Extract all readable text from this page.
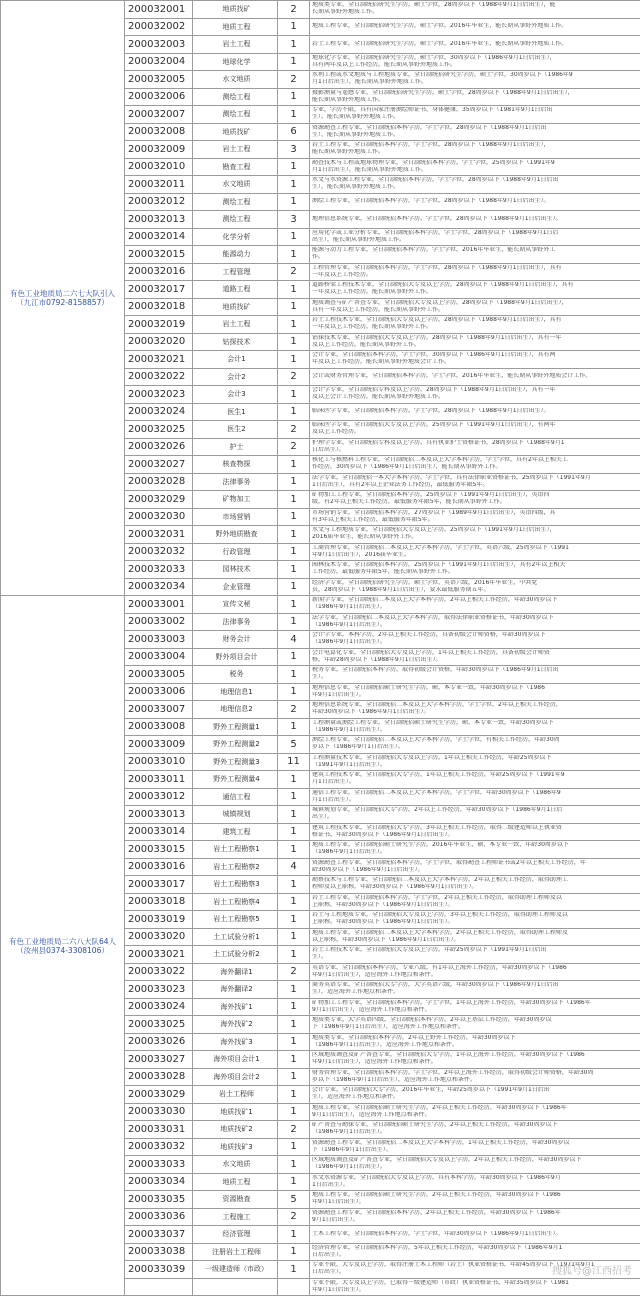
有色工业地质局二六七大队引入
（九江市0792-8158857）	200032001	地质找矿	2	地质类专业，全日制统招研究生学历，硕士学位，28周岁以下（1988年9月1日后出生），能
长期从事野外地质工作。

	200032002	地质工程	1	地质工程专业，全日制统招研究生学历，硕士学位，2016年毕业生，能长期从事野外地质工作。

	200032003	岩土工程	1	岩土工程专业，全日制统招研究生学历，硕士学位，2016年毕业生，能长期从事野外地质工作。

	200032004	地球化学	1	地球化学专业，全日制统招研究生学历，硕士学位，30周岁以下（1986年9月1日后出生），
具有两年及以上工作经历，能长期从事野外地质工作。

	200032005	水文地质	2	水利工程或水文地质与工程地质专业，全日制统招研究生学历，硕士学位，30周岁以下（1986年9
月1日后出生），能长期从事野外地质工作。

	200032006	测绘工程	1	摄影测量与遥感专业，全日制统招研究生学历，硕士学位，28周岁以下（1988年9月1日后出生），
能长期从事野外地质工作。

	200032007	测绘工程	1	专业，学历不限，具有国家注册测绘师证书，身体健康，35周岁以下（1981年9月1日后出
生），能长期从事野外地质工作。

	200032008	地质找矿	6	资源勘查工程专业，全日制统招本科学历，学士学位，28周岁以下（1988年9月1日后出
生），能长期从事野外地质工作。

	200032009	岩土工程	3	岩土工程专业，全日制统招本科学历，学士学位，28周岁以下（1988年9月1日后出生），
能长期从事野外地质工作。

	200032010	勘查工程	1	勘查技术与工程或地球物理专业，全日制统招本科学历，学士学位，25周岁以下（1991年9
月1日后出生），能长期从事野外地质工作。

	200032011	水文地质	1	水文与水资源工程专业，全日制统招本科学历，学士学位，28周岁以下（1988年9月1日后出
生），能长期从事野外地质工作。

	200032012	测绘工程	1	测绘工程专业，全日制统招本科学历，学士学位，28周岁以下（1988年9月1日后出生）。

	200032013	测绘工程	3	地理信息系统专业，全日制统招本科学历，学士学位，28周岁以下（1988年9月1日后出生）。

	200032014	化学分析	1	应用化学或工业分析专业，全日制统招本科学历，学士学位，28周岁以下（1988年9月1日后
出生），能长期从事野外地质工作。

	200032015	能源动力	1	能源与动力工程专业，全日制统招本科学历，学士学位，2016年毕业生，能长期从事野外工
作。

	200032016	工程管理	2	工程管理专业，全日制统招本科学历，学士学位，28周岁以下（1988年9月1日后出生），具有
一年及以上工作经历。

	200032017	道路工程	1	道路桥梁工程技术专业，全日制统招大专及以上学历，28周岁以下（1988年9月1日后出生），具有
一年及以上工作经历，能长期从事野外工作。

	200032018	地质找矿	1	地质调查与矿产普查专业，全日制统招大专及以上学历，28周岁以下（1988年9月1日后出生），
具有一年及以上工作经历，能长期从事野外工作。

	200032019	岩土工程	1	岩土工程技术专业，全日制统招大专及以上学历，28周岁以下（1988年9月1日后出生），具有
一年及以上工作经历，能长期从事野外工作。

	200032020	钻探技术	1	钻探技术专业，全日制统招大专及以上学历，28周岁以下（1988年9月1日后出生），具有一年
及以上工作经历，能长期从事野外工作。

	200032021	会计1	1	会计专业，全日制统招本科学历，学士学位，30周岁以下（1986年9月1日后出生），具有两
年及以上工作经历，能长期从事野外地质会计工作。

	200032022	会计2	2	会计或财务管理专业，全日制统招本科学历，学士学位，2016年毕业生，能长期从事野外地质会计工作。

	200032023	会计3	1	会计学专业，全日制统招专科及以上学历，28周岁以下（1988年9月1日后出生），具有一年
及以上会计工作经历，能长期从事野外地质工作。

	200032024	医生1	1	临床医学专业，全日制统招本科学历，学士学位，28周岁以下（1988年9月1日后出生）。

	200032025	医生2	2	临床医学专业，全日制统招大专及以上学历，25周岁以下（1991年9月1日后出生），有两年
及以上工作经历。

	200032026	护士	2	护理学专业，全日制统招专科及以上学历，具有执业护士资格证书，28周岁以下（1988年9月1
日后出生）。

	200032027	核查物探	1	核化工与核燃料工程专业，全日制统招二本及以上大学本科学历，学士学位，具有2年以上相关工
作经历，30周岁以下（1986年9月1日后出生），能长期从事野外工作。

	200032028	法律事务	1	法学专业，全日制统招一本大学本科学历，学士学位，具有法律职业资格证书，25周岁以下（1991年9月
1日后出生），具有2年以上企业法务工作经历，最低服务年限5年。

	200032029	矿物加工	1	矿物加工工程专业，全日制统招本科学历，25周岁以下（1991年9月1日后出生），英语四
级，有2年以上相关工作经历，最低服务年限5年，能长期从事野外工作。

	200032030	市场营销	1	市场营销专业，全日制统招本科学历，27周岁以下（1989年9月1日后出生），英语四级，具
有3年以上相关工作经历，最低服务年限5年。

	200032031	野外地质勘查	1	水文与工程地质专业，全日制统招大专及以上学历，25周岁以下（1991年9月1日后出生），
2016届毕业生，能长期从事野外工作。

	200032032	行政管理	1	工商管理专业，全日制统招二本及以上大学本科学历，学士学位，英语六级，25周岁以下（1991
年9月1日后出生），2016届毕业生。

	200032033	园林技术	1	园林技术专业，全日制统招本科学历，25周岁以下（1991年9月1日后出生），具有2年以上相关
工作经历，最低服务年限5年，能长期从事野外工作。

	200032034	企业管理	1	经济学专业，全日制统招研究生学历，硕士学位，英语六级，2016年毕业生，中共党
员，28周岁以下（1988年9月1日后出生），要求最低服务期五年。

有色工业地质局二六八大队64人
（汝州县0374-3308106）	200033001	宣传文秘	1	新闻学专业，全日制统招二本及以上大学本科学历，2年以上相关工作经历，年龄30周岁以下
（1986年9月1日后出生）。

	200033002	法律事务	1	法学专业，全日制统招二本及以上大学本科学历，取得法律职业资格证书，年龄30周岁以下
（1986年9月1日后出生）。

	200033003	财务会计	4	会计学专业，本科学历，2年以上相关工作经历，具备初级会计师资格，年龄30周岁以下
（1986年9月1日后出生）。

	200033004	野外项目会计	1	会计电算化专业，全日制统招大专及以上学历，1年以上相关工作经历，具备初级会计师资
格，年龄28周岁以下（1988年9月1日后出生）。

	200033005	税务	1	税务专业，全日制统招本科学历，取得初级会计资格，年龄30周岁以下（1986年9月1日后出
生）。

	200033006	地理信息1	1	地理信息专业，全日制统招硕士研究生学历，硕、本专业一致，年龄30周岁以下（1986
年9月1日后出生）。

	200033007	地理信息2	2	地理信息系统专业，全日制统招二本及以上大学本科学历，学士学位，2年以上相关工作经历，
年龄30周岁以下（1986年9月1日后出生）。

	200033008	野外工程测量1	1	工程测量或测绘工程专业，全日制统招硕士研究生学历，硕、本专业一致，年龄30周岁以下
（1986年9月1日后出生）。

	200033009	野外工程测量2	5	测绘工程专业，全日制统招二本及以上大学本科学历，学士学位，有相关工作经历，年龄30周
岁以下（1986年9月1日后出生）。

	200033010	野外工程测量3	11	工程测量技术专业，全日制统招大专及以上学历，1年以上相关工作经历，年龄25周岁以下
（1991年9月1日后出生）。

	200033011	野外工程测量4	1	建筑工程技术专业，全日制统招大专学历，1年以上相关工作经历，年龄25周岁以下（1991年9
月1日后出生）。

	200033012	通信工程	1	通信工程专业，全日制统招二本及以上大学本科学历，学士学位，年龄30周岁以下（1986年9
月1日后出生）。

	200033013	城镇规划	1	城镇规划专业，全日制统招大专学历，2年以上工作经历，年龄30周岁以下（1986年9月1日后
出生）。

	200033014	建筑工程	1	建筑工程技术专业，全日制统招大专学历，3年以上相关工作经历，取得二级建造师以上执业资
格证书，年龄30周岁以下（1986年9月1日后出生）。

	200033015	岩土工程勘察1	1	地质工程专业，全日制统招硕士研究生学历，2016年毕业生，硕、本专业一致，年龄30周岁以下
（1986年9月1日后出生）。

	200033016	岩土工程勘察2	4	资源勘查工程专业，全日制统招本科学历，学士学位，取得勘查工程师证书或2年以上相关工作经历，年
龄30周岁以下（1986年9月1日后出生）。

	200033017	岩土工程勘察3	1	勘察技术与工程专业，全日制统招二本及以上大学本科学历，2年以上相关工作经历，取得助理工
程师及以上职称，年龄30周岁以下（1986年9月1日后出生）。

	200033018	岩土工程勘察4	1	岩土工程专业，全日制统招本科学历，学士学位，2年以上相关工作经历，取得助理工程师及以
上职称，年龄30周岁以下（1986年9月1日后出生）。

	200033019	岩土工程勘察5	1	岩土与工程地质专业，全日制统招大专及以上学历，3年以上相关工作经历，取得助理工程师及以
上职称，年龄30周岁以下（1986年9月1日后出生）。

	200033020	土工试验分析1	1	地质工程专业，全日制统招二本及以上大学本科学历，2年以上相关工作经历，取得助理工程师及
以上职称，年龄30周岁以下（1986年9月1日后出生）。

	200033021	土工试验分析2	1	岩土工程技术专业，全日制统招大专及以上学历，年龄25周岁以下（1991年9月1日后出
生）。

	200033022	海外翻译1	2	英语专业，全日制统招本科学历，专业八级，有1年以上海外工作经历，年龄30周岁以下（1986
年9月1日后出生），适应海外工作地点和条件。

	200033023	海外翻译2	1	商务英语专业，全日制统招大专学历，大学英语六级，年龄30周岁以下（1986年9月1日后出
生），适应海外工作地点和条件。

	200033024	海外找矿1	1	矿物加工工程专业，全日制统招本科学历，学士学位，1年以上海外工作经历，年龄30周岁以下（1986年
9月1日后出生），适应海外工作地点和条件。

	200033025	海外找矿2	1	地质类专业，大学英语四级，全日制统招本科学历，2年以上基层工作经历，年龄30周岁以
下（1986年9月1日后出生），适应海外工作地点和条件。

	200033026	海外找矿3	1	地质类专业，全日制统招本科学历，2年以上野外工作经历，年龄30周岁以下
（1986年9月1日后出生），适应海外工作地点和条件。

	200033027	海外项目会计1	1	区域地质调查及矿产普查专业，全日制统招大专学历，1年以上海外工作经历，年龄30周岁以下（1986
年9月1日后出生），适应海外工作地点和条件。

	200033028	海外项目会计2	1	财务管理专业，全日制统招本科学历，学士学位，2年以上海外工作经历，取得初级会计师资格，年龄30周
岁以下（1986年9月1日后出生），适应海外工作地点和条件。

	200033029	岩土工程师	1	会计专业，全日制统招大专学历，2016年毕业生，年龄25周岁以下（1991年9月1日后出
生），适应海外工作地点和条件。

	200033030	地质找矿1	1	地质工程专业，全日制统招硕士研究生学历，2年以上相关工作经历，年龄30周岁以下（1986年
9月1日后出生），适应海外工作地点和条件。

	200033031	地质找矿2	2	矿产普查与勘探专业，全日制统招硕士研究生学历，2年以上相关工作经历，年龄30周岁以下
（1986年9月1日后出生）。

	200033032	地质找矿3	1	资源勘查工程专业，全日制统招二本及以上大学本科学历，1年以上相关工作经历，年龄30周岁以
下（1986年9月1日后出生）。

	200033033	水文地质	1	区域地质调查及矿产普查专业，全日制统招大专及以上学历，2年以上相关工作经历，年龄30周岁以下
（1986年9月1日后出生）。

	200033034	地质工程	1	水文水资源专业，全日制统招大专及以上学历，具有本科学历，年龄30周岁以下（1986年9月
1日后出生）。

	200033035	资源勘查	5	地质工程专业，全日制统招硕士研究生学历，2年以上相关工作经历，年龄30周岁以下（1986
年9月1日后出生）。

	200033036	工程施工	2	资源勘查工程专业，全日制统招本科学历，2年以上相关工作经历，年龄30周岁以下（1986年
9月1日后出生）。

	200033037	经济管理	1	土木工程专业，全日制统招本科学历，学士学位，年龄30周岁以下（1986年9月1日后出生）。

	200033038	注册岩土工程师	1	经济管理专业，全日制统招本科学历，5年以上相关工作经历，年龄30周岁以下（1986年9月1
日后出生）。

	200033039	一级建造师（市政）	1	专业不限，大专及以上学历，取得注册土木工程师（岩土）执业资格证书，年龄45周岁以下（1971年9月1
日后出生）。

				专业不限，大专及以上学历，已取得一级建造师（市政）执业资格证书，年龄35周岁以下（1981
年9月1日后出生）。
搜狐号@江西招考
